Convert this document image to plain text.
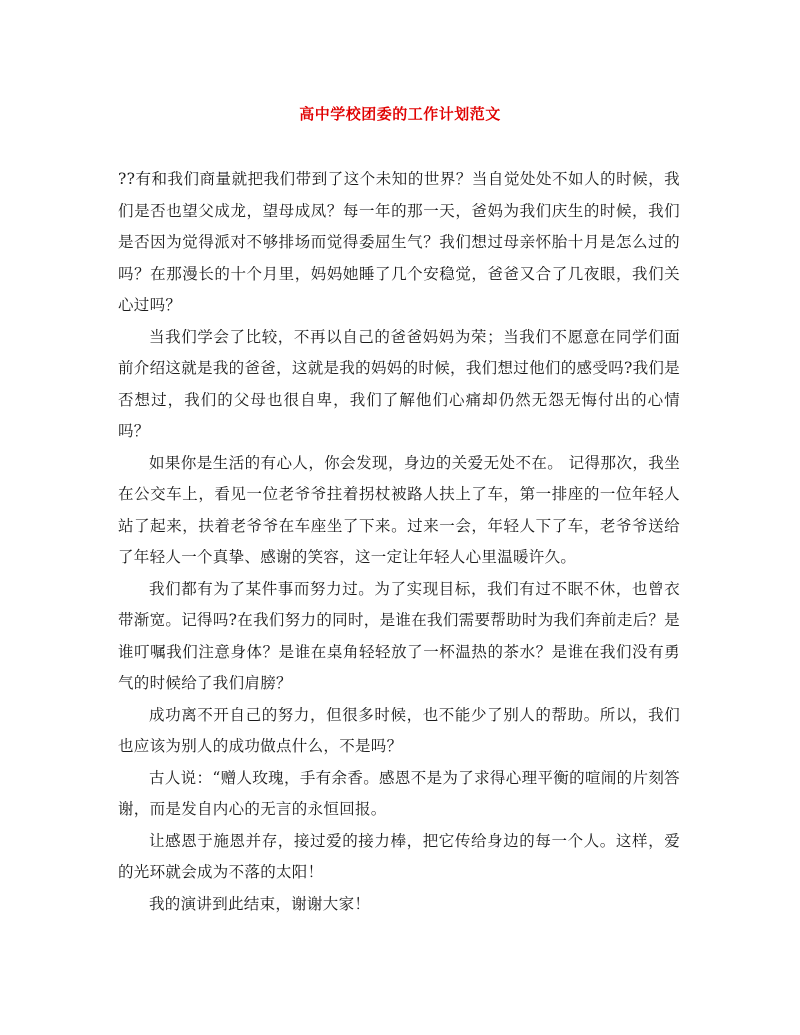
高中学校团委的工作计划范文

??有和我们商量就把我们带到了这个未知的世界？当自觉处处不如人的时候，我们是否也望父成龙，望母成凤？每一年的那一天，爸妈为我们庆生的时候，我们是否因为觉得派对不够排场而觉得委屈生气？我们想过母亲怀胎十月是怎么过的吗？在那漫长的十个月里，妈妈她睡了几个安稳觉，爸爸又合了几夜眼，我们关心过吗？

当我们学会了比较，不再以自己的爸爸妈妈为荣；当我们不愿意在同学们面前介绍这就是我的爸爸，这就是我的妈妈的时候，我们想过他们的感受吗?我们是否想过，我们的父母也很自卑，我们了解他们心痛却仍然无怨无悔付出的心情吗？

如果你是生活的有心人，你会发现，身边的关爱无处不在。 记得那次，我坐在公交车上，看见一位老爷爷拄着拐杖被路人扶上了车，第一排座的一位年轻人站了起来，扶着老爷爷在车座坐了下来。过来一会，年轻人下了车，老爷爷送给了年轻人一个真挚、感谢的笑容，这一定让年轻人心里温暖许久。

我们都有为了某件事而努力过。为了实现目标，我们有过不眠不休，也曾衣带渐宽。记得吗?在我们努力的同时，是谁在我们需要帮助时为我们奔前走后？是谁叮嘱我们注意身体？是谁在桌角轻轻放了一杯温热的茶水？是谁在我们没有勇气的时候给了我们肩膀？

成功离不开自己的努力，但很多时候，也不能少了别人的帮助。所以，我们也应该为别人的成功做点什么，不是吗？

古人说：“赠人玫瑰，手有余香。感恩不是为了求得心理平衡的喧闹的片刻答谢，而是发自内心的无言的永恒回报。

让感恩于施恩并存，接过爱的接力棒，把它传给身边的每一个人。这样，爱的光环就会成为不落的太阳！

我的演讲到此结束，谢谢大家！
